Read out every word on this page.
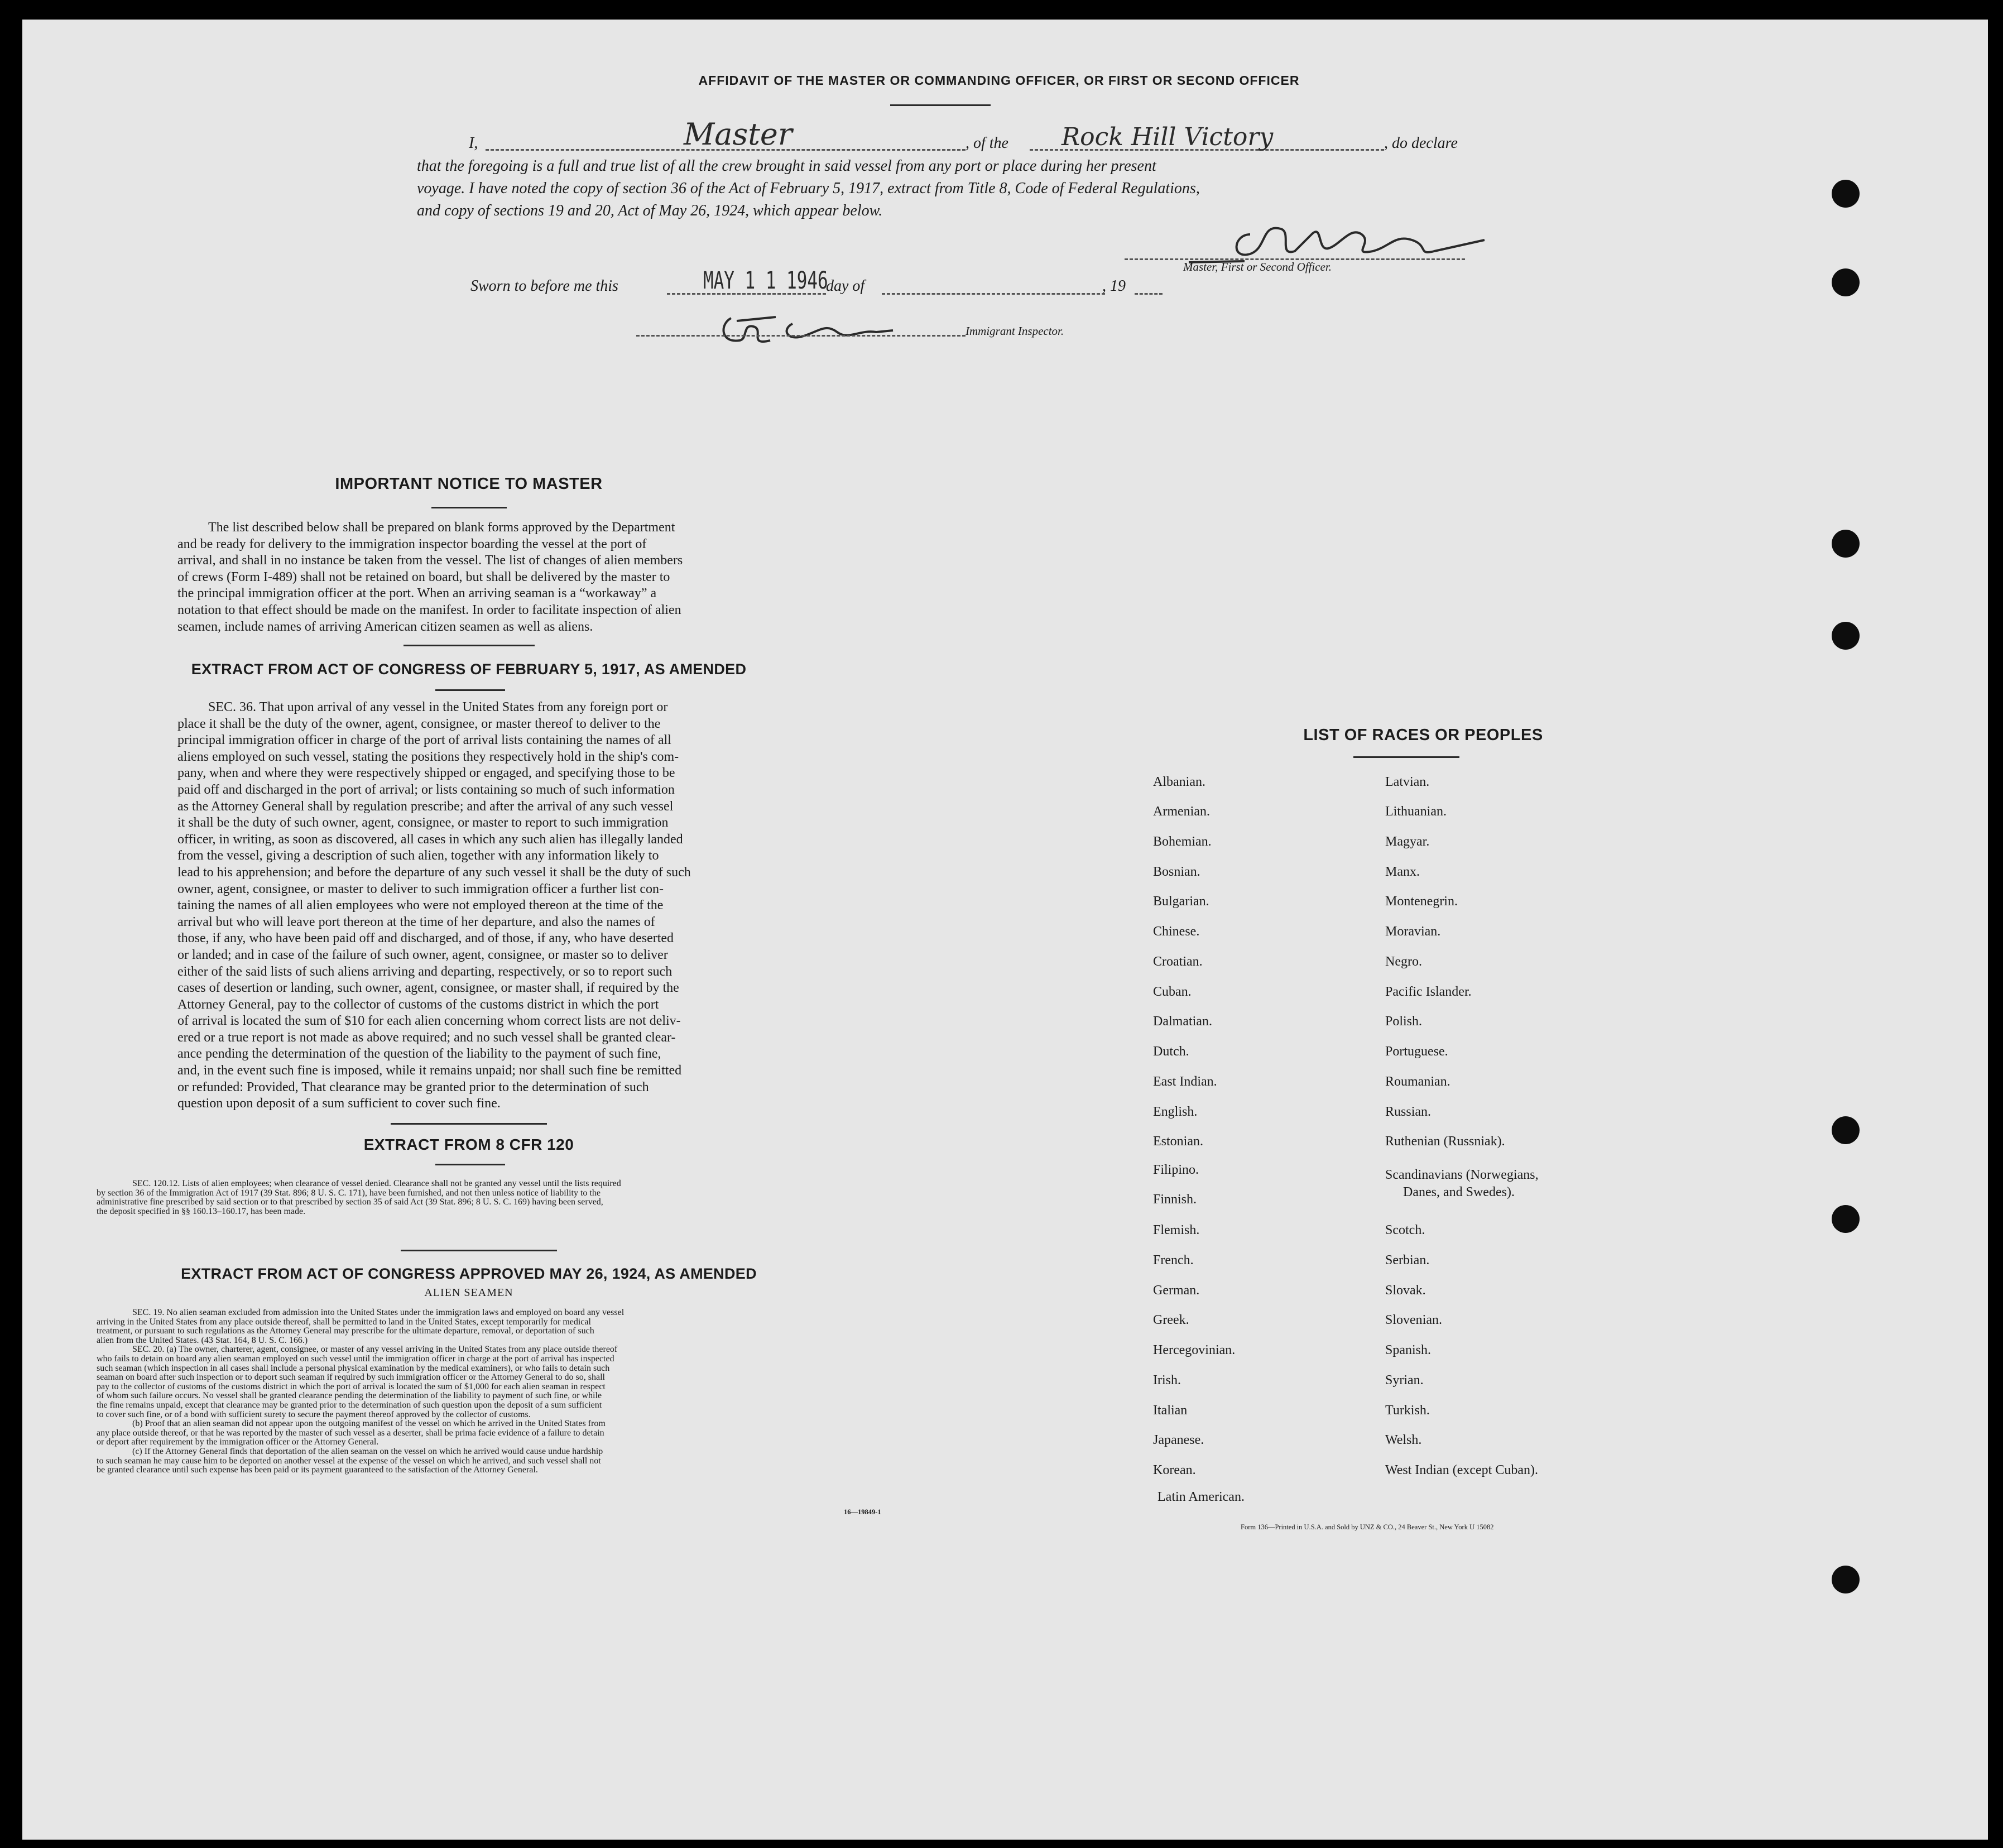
AFFIDAVIT OF THE MASTER OR COMMANDING OFFICER, OR FIRST OR SECOND OFFICER
I,	Master	, of the Rock Hill Victory	, do declare
that the foregoing is a full and true list of all the crew brought in said vessel from any port or place during her present
voyage. I have noted the copy of section 36 of the Act of February 5, 1917, extract from Title 8, Code of Federal Regulations,
and copy of sections 19 and 20, Act of May 26, 1924, which appear below.
Master, First or Second Officer.
Sworn to before me this	MAY 1 1 1946
day of	, 19
Immigrant Inspector.
IMPORTANT NOTICE TO MASTER
The list described below shall be prepared on blank forms approved by the Department
and be ready for delivery to the immigration inspector boarding the vessel at the port of
arrival, and shall in no instance be taken from the vessel. The list of changes of alien members
of crews (Form I-489) shall not be retained on board, but shall be delivered by the master to
the principal immigration officer at the port. When an arriving seaman is a “workaway” a
notation to that effect should be made on the manifest. In order to facilitate inspection of alien
seamen, include names of arriving American citizen seamen as well as aliens.
EXTRACT FROM ACT OF CONGRESS OF FEBRUARY 5, 1917, AS AMENDED
SEC. 36. That upon arrival of any vessel in the United States from any foreign port or
place it shall be the duty of the owner, agent, consignee, or master thereof to deliver to the
principal immigration officer in charge of the port of arrival lists containing the names of all
aliens employed on such vessel, stating the positions they respectively hold in the ship's com-
pany, when and where they were respectively shipped or engaged, and specifying those to be
paid off and discharged in the port of arrival; or lists containing so much of such information
as the Attorney General shall by regulation prescribe; and after the arrival of any such vessel
it shall be the duty of such owner, agent, consignee, or master to report to such immigration
officer, in writing, as soon as discovered, all cases in which any such alien has illegally landed
from the vessel, giving a description of such alien, together with any information likely to
lead to his apprehension; and before the departure of any such vessel it shall be the duty of such
owner, agent, consignee, or master to deliver to such immigration officer a further list con-
taining the names of all alien employees who were not employed thereon at the time of the
arrival but who will leave port thereon at the time of her departure, and also the names of
those, if any, who have been paid off and discharged, and of those, if any, who have deserted
or landed; and in case of the failure of such owner, agent, consignee, or master so to deliver
either of the said lists of such aliens arriving and departing, respectively, or so to report such
cases of desertion or landing, such owner, agent, consignee, or master shall, if required by the
Attorney General, pay to the collector of customs of the customs district in which the port
of arrival is located the sum of $10 for each alien concerning whom correct lists are not deliv-
ered or a true report is not made as above required; and no such vessel shall be granted clear-
ance pending the determination of the question of the liability to the payment of such fine,
and, in the event such fine is imposed, while it remains unpaid; nor shall such fine be remitted
or refunded: Provided, That clearance may be granted prior to the determination of such
question upon deposit of a sum sufficient to cover such fine.
EXTRACT FROM 8 CFR 120
SEC. 120.12. Lists of alien employees; when clearance of vessel denied. Clearance shall not be granted any vessel until the lists required
by section 36 of the Immigration Act of 1917 (39 Stat. 896; 8 U. S. C. 171), have been furnished, and not then unless notice of liability to the
administrative fine prescribed by said section or to that prescribed by section 35 of said Act (39 Stat. 896; 8 U. S. C. 169) having been served,
the deposit specified in §§ 160.13–160.17, has been made.
EXTRACT FROM ACT OF CONGRESS APPROVED MAY 26, 1924, AS AMENDED
ALIEN SEAMEN
SEC. 19. No alien seaman excluded from admission into the United States under the immigration laws and employed on board any vessel
arriving in the United States from any place outside thereof, shall be permitted to land in the United States, except temporarily for medical
treatment, or pursuant to such regulations as the Attorney General may prescribe for the ultimate departure, removal, or deportation of such
alien from the United States. (43 Stat. 164, 8 U. S. C. 166.)
SEC. 20. (a) The owner, charterer, agent, consignee, or master of any vessel arriving in the United States from any place outside thereof
who fails to detain on board any alien seaman employed on such vessel until the immigration officer in charge at the port of arrival has inspected
such seaman (which inspection in all cases shall include a personal physical examination by the medical examiners), or who fails to detain such
seaman on board after such inspection or to deport such seaman if required by such immigration officer or the Attorney General to do so, shall
pay to the collector of customs of the customs district in which the port of arrival is located the sum of $1,000 for each alien seaman in respect
of whom such failure occurs. No vessel shall be granted clearance pending the determination of the liability to payment of such fine, or while
the fine remains unpaid, except that clearance may be granted prior to the determination of such question upon the deposit of a sum sufficient
to cover such fine, or of a bond with sufficient surety to secure the payment thereof approved by the collector of customs.
(b) Proof that an alien seaman did not appear upon the outgoing manifest of the vessel on which he arrived in the United States from
any place outside thereof, or that he was reported by the master of such vessel as a deserter, shall be prima facie evidence of a failure to detain
or deport after requirement by the immigration officer or the Attorney General.
(c) If the Attorney General finds that deportation of the alien seaman on the vessel on which he arrived would cause undue hardship
to such seaman he may cause him to be deported on another vessel at the expense of the vessel on which he arrived, and such vessel shall not
be granted clearance until such expense has been paid or its payment guaranteed to the satisfaction of the Attorney General.
16—19849-1
LIST OF RACES OR PEOPLES
Albanian.
Armenian.
Bohemian.
Bosnian.
Bulgarian.
Chinese.
Croatian.
Cuban.
Dalmatian.
Dutch.
East Indian.
English.
Estonian.
Filipino.
Finnish.
Flemish.
French.
German.
Greek.
Hercegovinian.
Irish.
Italian
Japanese.
Korean.
Latin American.
Latvian.
Lithuanian.
Magyar.
Manx.
Montenegrin.
Moravian.
Negro.
Pacific Islander.
Polish.
Portuguese.
Roumanian.
Russian.
Ruthenian (Russniak).
Scandinavians (Norwegians,
Danes, and Swedes).
Scotch.
Serbian.
Slovak.
Slovenian.
Spanish.
Syrian.
Turkish.
Welsh.
West Indian (except Cuban).
Form 136—Printed in U.S.A. and Sold by UNZ & CO., 24 Beaver St., New York U 15082
